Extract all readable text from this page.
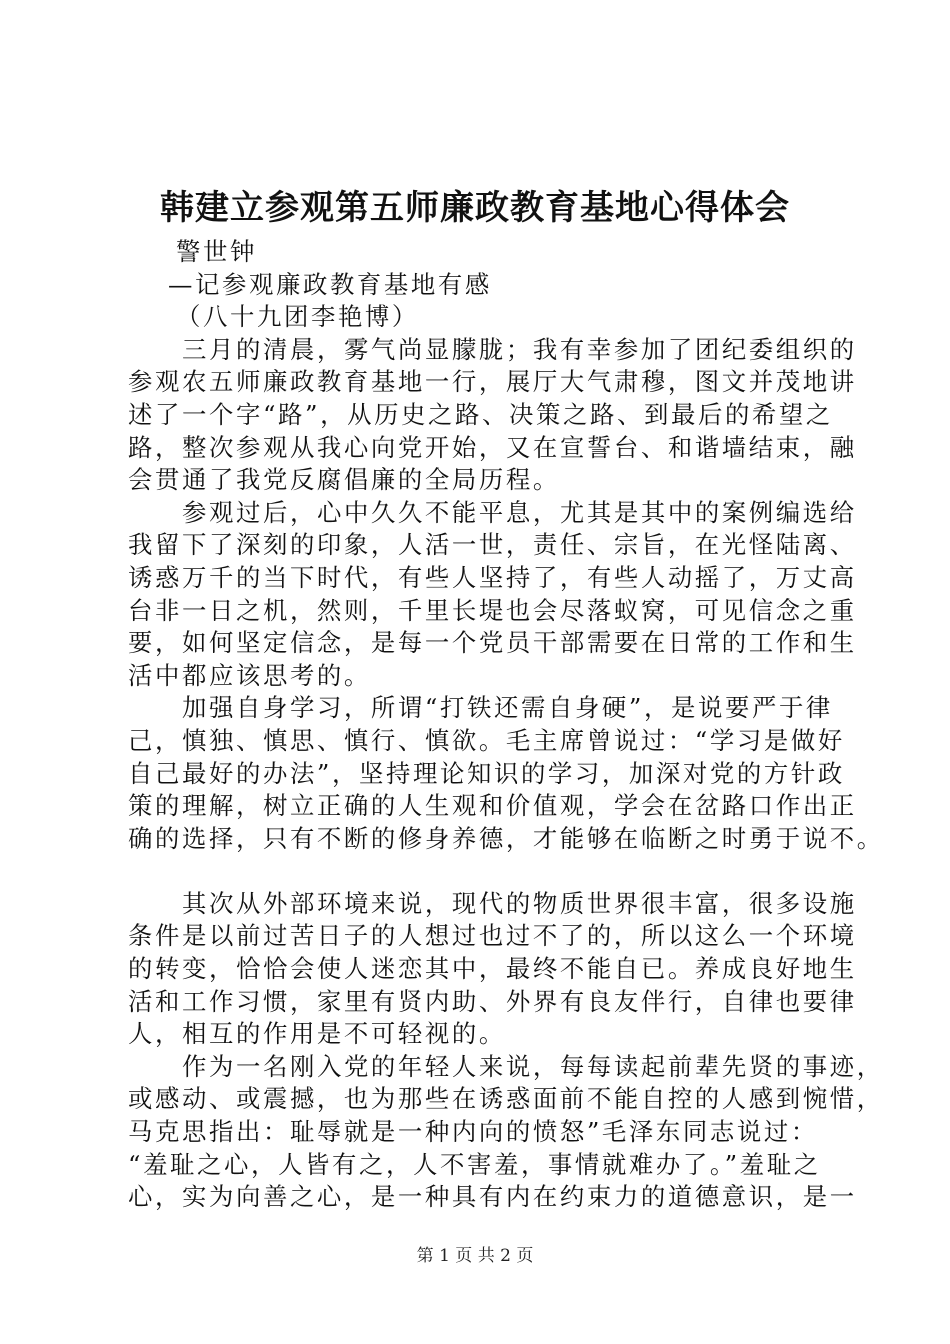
韩建立参观第五师廉政教育基地心得体会
警世钟
—记参观廉政教育基地有感
（八十九团李艳博）
三月的清晨，雾气尚显朦胧；我有幸参加了团纪委组织的
参观农五师廉政教育基地一行，展厅大气肃穆，图文并茂地讲
述了一个字“路”，从历史之路、决策之路、到最后的希望之
路，整次参观从我心向党开始，又在宣誓台、和谐墙结束，融
会贯通了我党反腐倡廉的全局历程。
参观过后，心中久久不能平息，尤其是其中的案例编选给
我留下了深刻的印象，人活一世，责任、宗旨，在光怪陆离、
诱惑万千的当下时代，有些人坚持了，有些人动摇了，万丈高
台非一日之机，然则，千里长堤也会尽落蚁窝，可见信念之重
要，如何坚定信念，是每一个党员干部需要在日常的工作和生
活中都应该思考的。
加强自身学习，所谓“打铁还需自身硬”，是说要严于律
己，慎独、慎思、慎行、慎欲。毛主席曾说过：“学习是做好
自己最好的办法”，坚持理论知识的学习，加深对党的方针政
策的理解，树立正确的人生观和价值观，学会在岔路口作出正
确的选择，只有不断的修身养德，才能够在临断之时勇于说不。
其次从外部环境来说，现代的物质世界很丰富，很多设施
条件是以前过苦日子的人想过也过不了的，所以这么一个环境
的转变，恰恰会使人迷恋其中，最终不能自已。养成良好地生
活和工作习惯，家里有贤内助、外界有良友伴行，自律也要律
人，相互的作用是不可轻视的。
作为一名刚入党的年轻人来说，每每读起前辈先贤的事迹，
或感动、或震撼，也为那些在诱惑面前不能自控的人感到惋惜，
马克思指出：耻辱就是一种内向的愤怒”毛泽东同志说过：
“羞耻之心，人皆有之，人不害羞，事情就难办了。”羞耻之
心，实为向善之心，是一种具有内在约束力的道德意识，是一
第 1 页 共 2 页
